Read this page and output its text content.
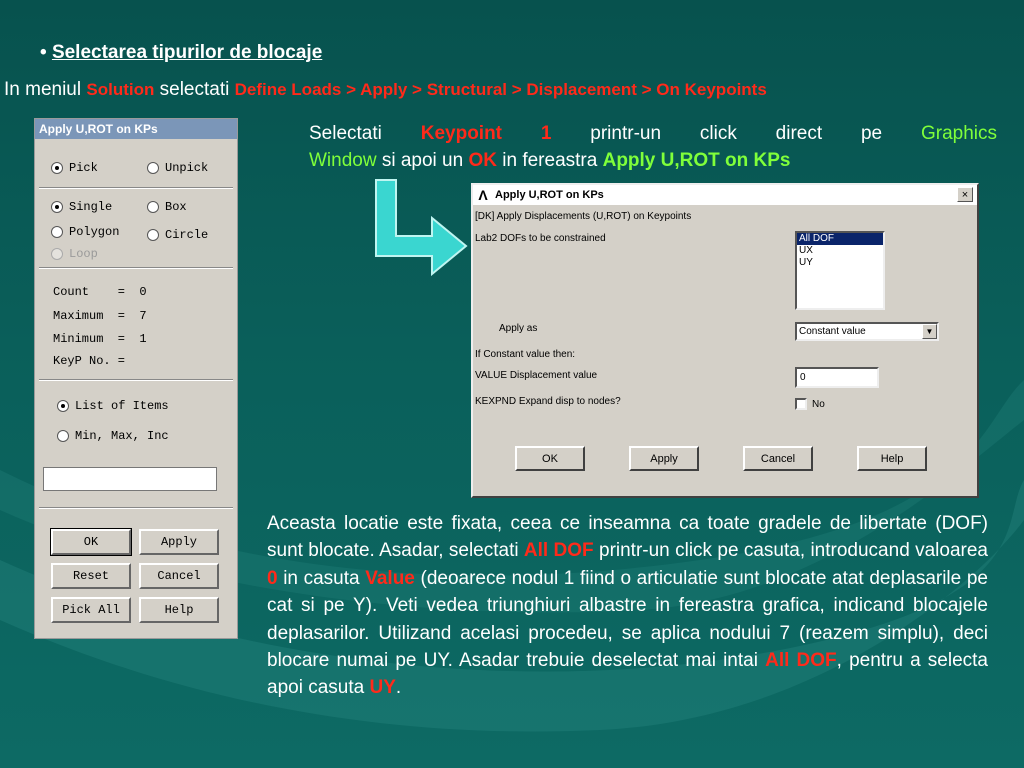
• Selectarea tipurilor de blocaje
In meniul Solution selectati Define Loads > Apply > Structural > Displacement > On Keypoints
Selectati Keypoint 1 printr-un click direct pe Graphics
Window si apoi un OK in fereastra Apply U,ROT on KPs
Apply U,ROT on KPs
Pick	Unpick
Single	Box
Polygon	Circle
Loop
Count    =  0
Maximum  =  7
Minimum  =  1
KeyP No. =
List of Items
Min, Max, Inc
OK	Apply
Reset	Cancel
Pick All	Help
Λ Apply U,ROT on KPs	×
[DK] Apply Displacements (U,ROT) on Keypoints
Lab2 DOFs to be constrained	All DOF
UX
UY
Apply as	Constant value	▼
If Constant value then:
VALUE Displacement value	0
KEXPND Expand disp to nodes?	No
OK	Apply	Cancel	Help
Aceasta locatie este fixata, ceea ce inseamna ca toate gradele de libertate (DOF) sunt blocate. Asadar, selectati All DOF printr-un click pe casuta, introducand valoarea 0 in casuta Value (deoarece nodul 1 fiind o articulatie sunt blocate atat deplasarile pe cat si pe Y). Veti vedea triunghiuri albastre in fereastra grafica, indicand blocajele deplasarilor. Utilizand acelasi procedeu, se aplica nodului 7 (reazem simplu), deci blocare numai pe UY. Asadar trebuie deselectat mai intai All DOF, pentru a selecta apoi casuta UY.
